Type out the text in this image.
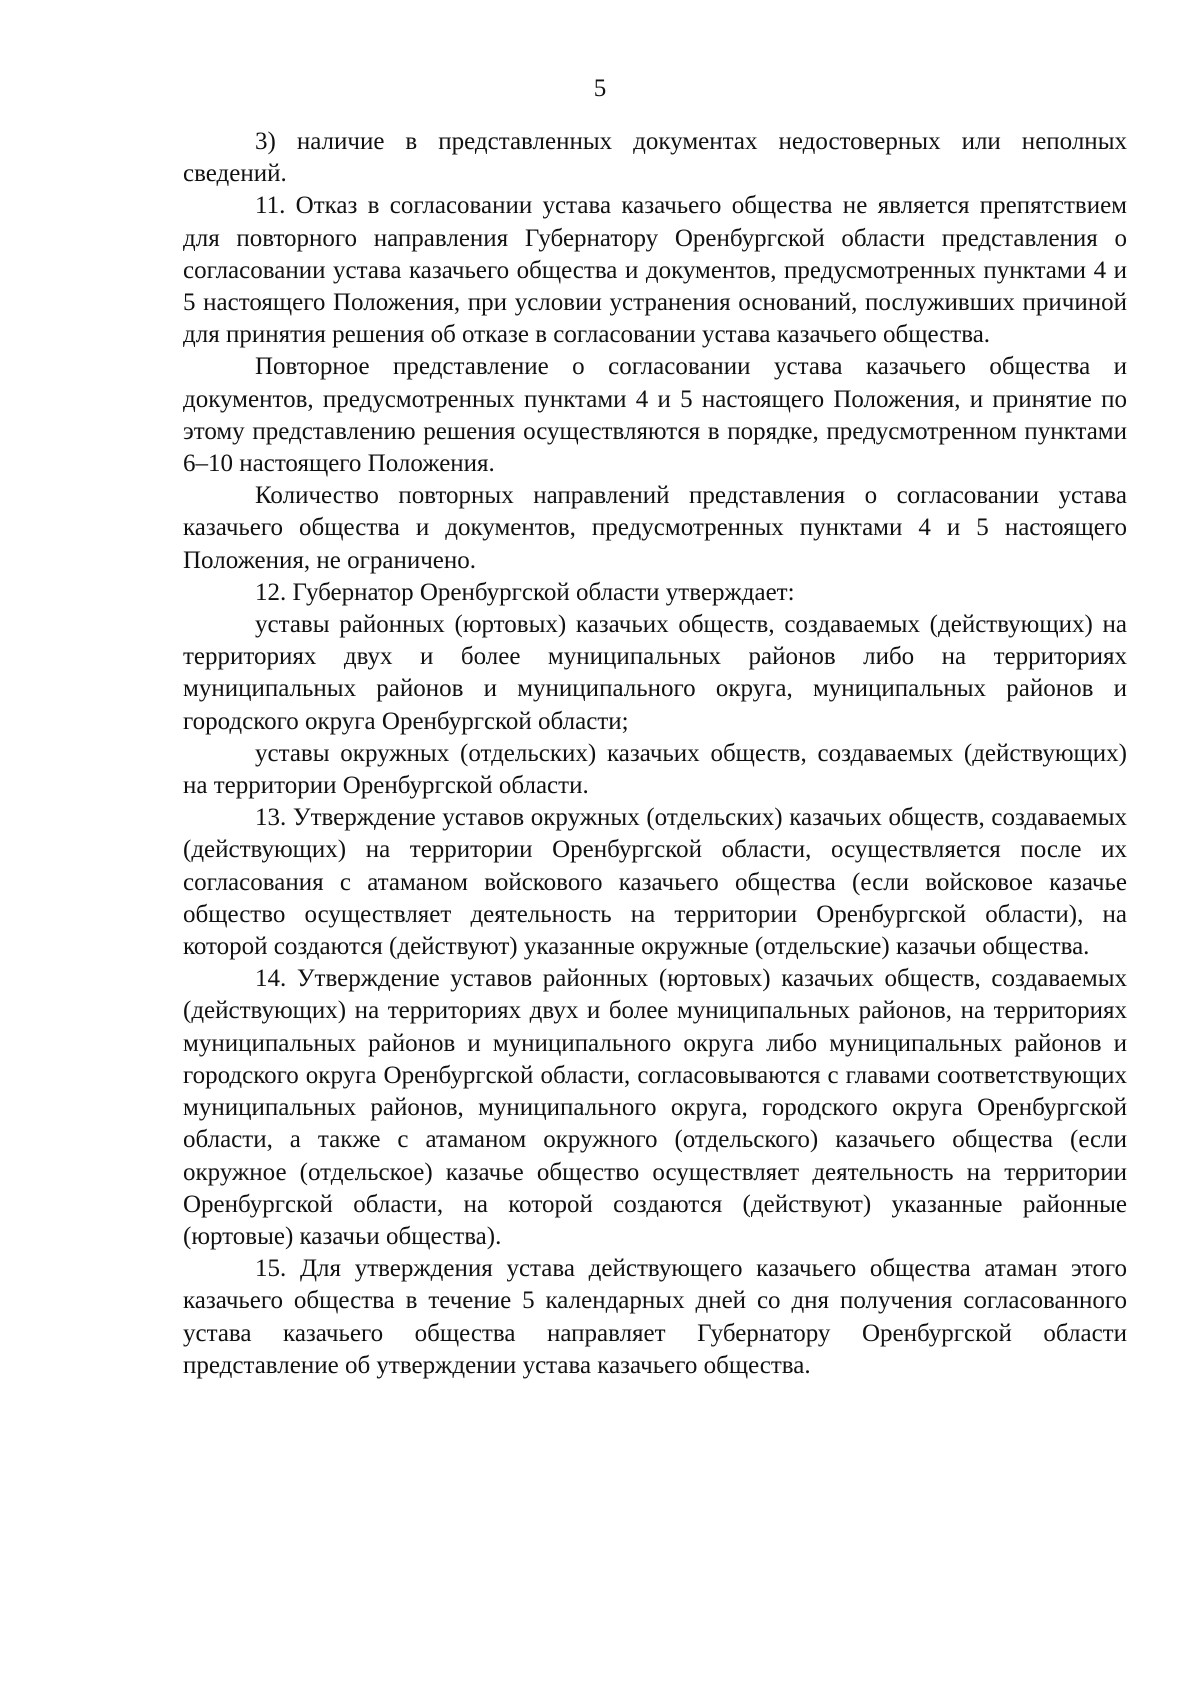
5

3) наличие в представленных документах недостоверных или неполных сведений.

11. Отказ в согласовании устава казачьего общества не является препятствием для повторного направления Губернатору Оренбургской области представления о согласовании устава казачьего общества и документов, предусмотренных пунктами 4 и 5 настоящего Положения, при условии устранения оснований, послуживших причиной для принятия решения об отказе в согласовании устава казачьего общества.

Повторное представление о согласовании устава казачьего общества и документов, предусмотренных пунктами 4 и 5 настоящего Положения, и принятие по этому представлению решения осуществляются в порядке, предусмотренном пунктами 6–10 настоящего Положения.

Количество повторных направлений представления о согласовании устава казачьего общества и документов, предусмотренных пунктами 4 и 5 настоящего Положения, не ограничено.

12. Губернатор Оренбургской области утверждает:

уставы районных (юртовых) казачьих обществ, создаваемых (действующих) на территориях двух и более муниципальных районов либо на территориях муниципальных районов и муниципального округа, муниципальных районов и городского округа Оренбургской области;

уставы окружных (отдельских) казачьих обществ, создаваемых (действующих) на территории Оренбургской области.

13. Утверждение уставов окружных (отдельских) казачьих обществ, создаваемых (действующих) на территории Оренбургской области, осуществляется после их согласования с атаманом войскового казачьего общества (если войсковое казачье общество осуществляет деятельность на территории Оренбургской области), на которой создаются (действуют) указанные окружные (отдельские) казачьи общества.

14. Утверждение уставов районных (юртовых) казачьих обществ, создаваемых (действующих) на территориях двух и более муниципальных районов, на территориях муниципальных районов и муниципального округа либо муниципальных районов и городского округа Оренбургской области, согласовываются с главами соответствующих муниципальных районов, муниципального округа, городского округа Оренбургской области, а также с атаманом окружного (отдельского) казачьего общества (если окружное (отдельское) казачье общество осуществляет деятельность на территории Оренбургской области, на которой создаются (действуют) указанные районные (юртовые) казачьи общества).

15. Для утверждения устава действующего казачьего общества атаман этого казачьего общества в течение 5 календарных дней со дня получения согласованного устава казачьего общества направляет Губернатору Оренбургской области представление об утверждении устава казачьего общества.
